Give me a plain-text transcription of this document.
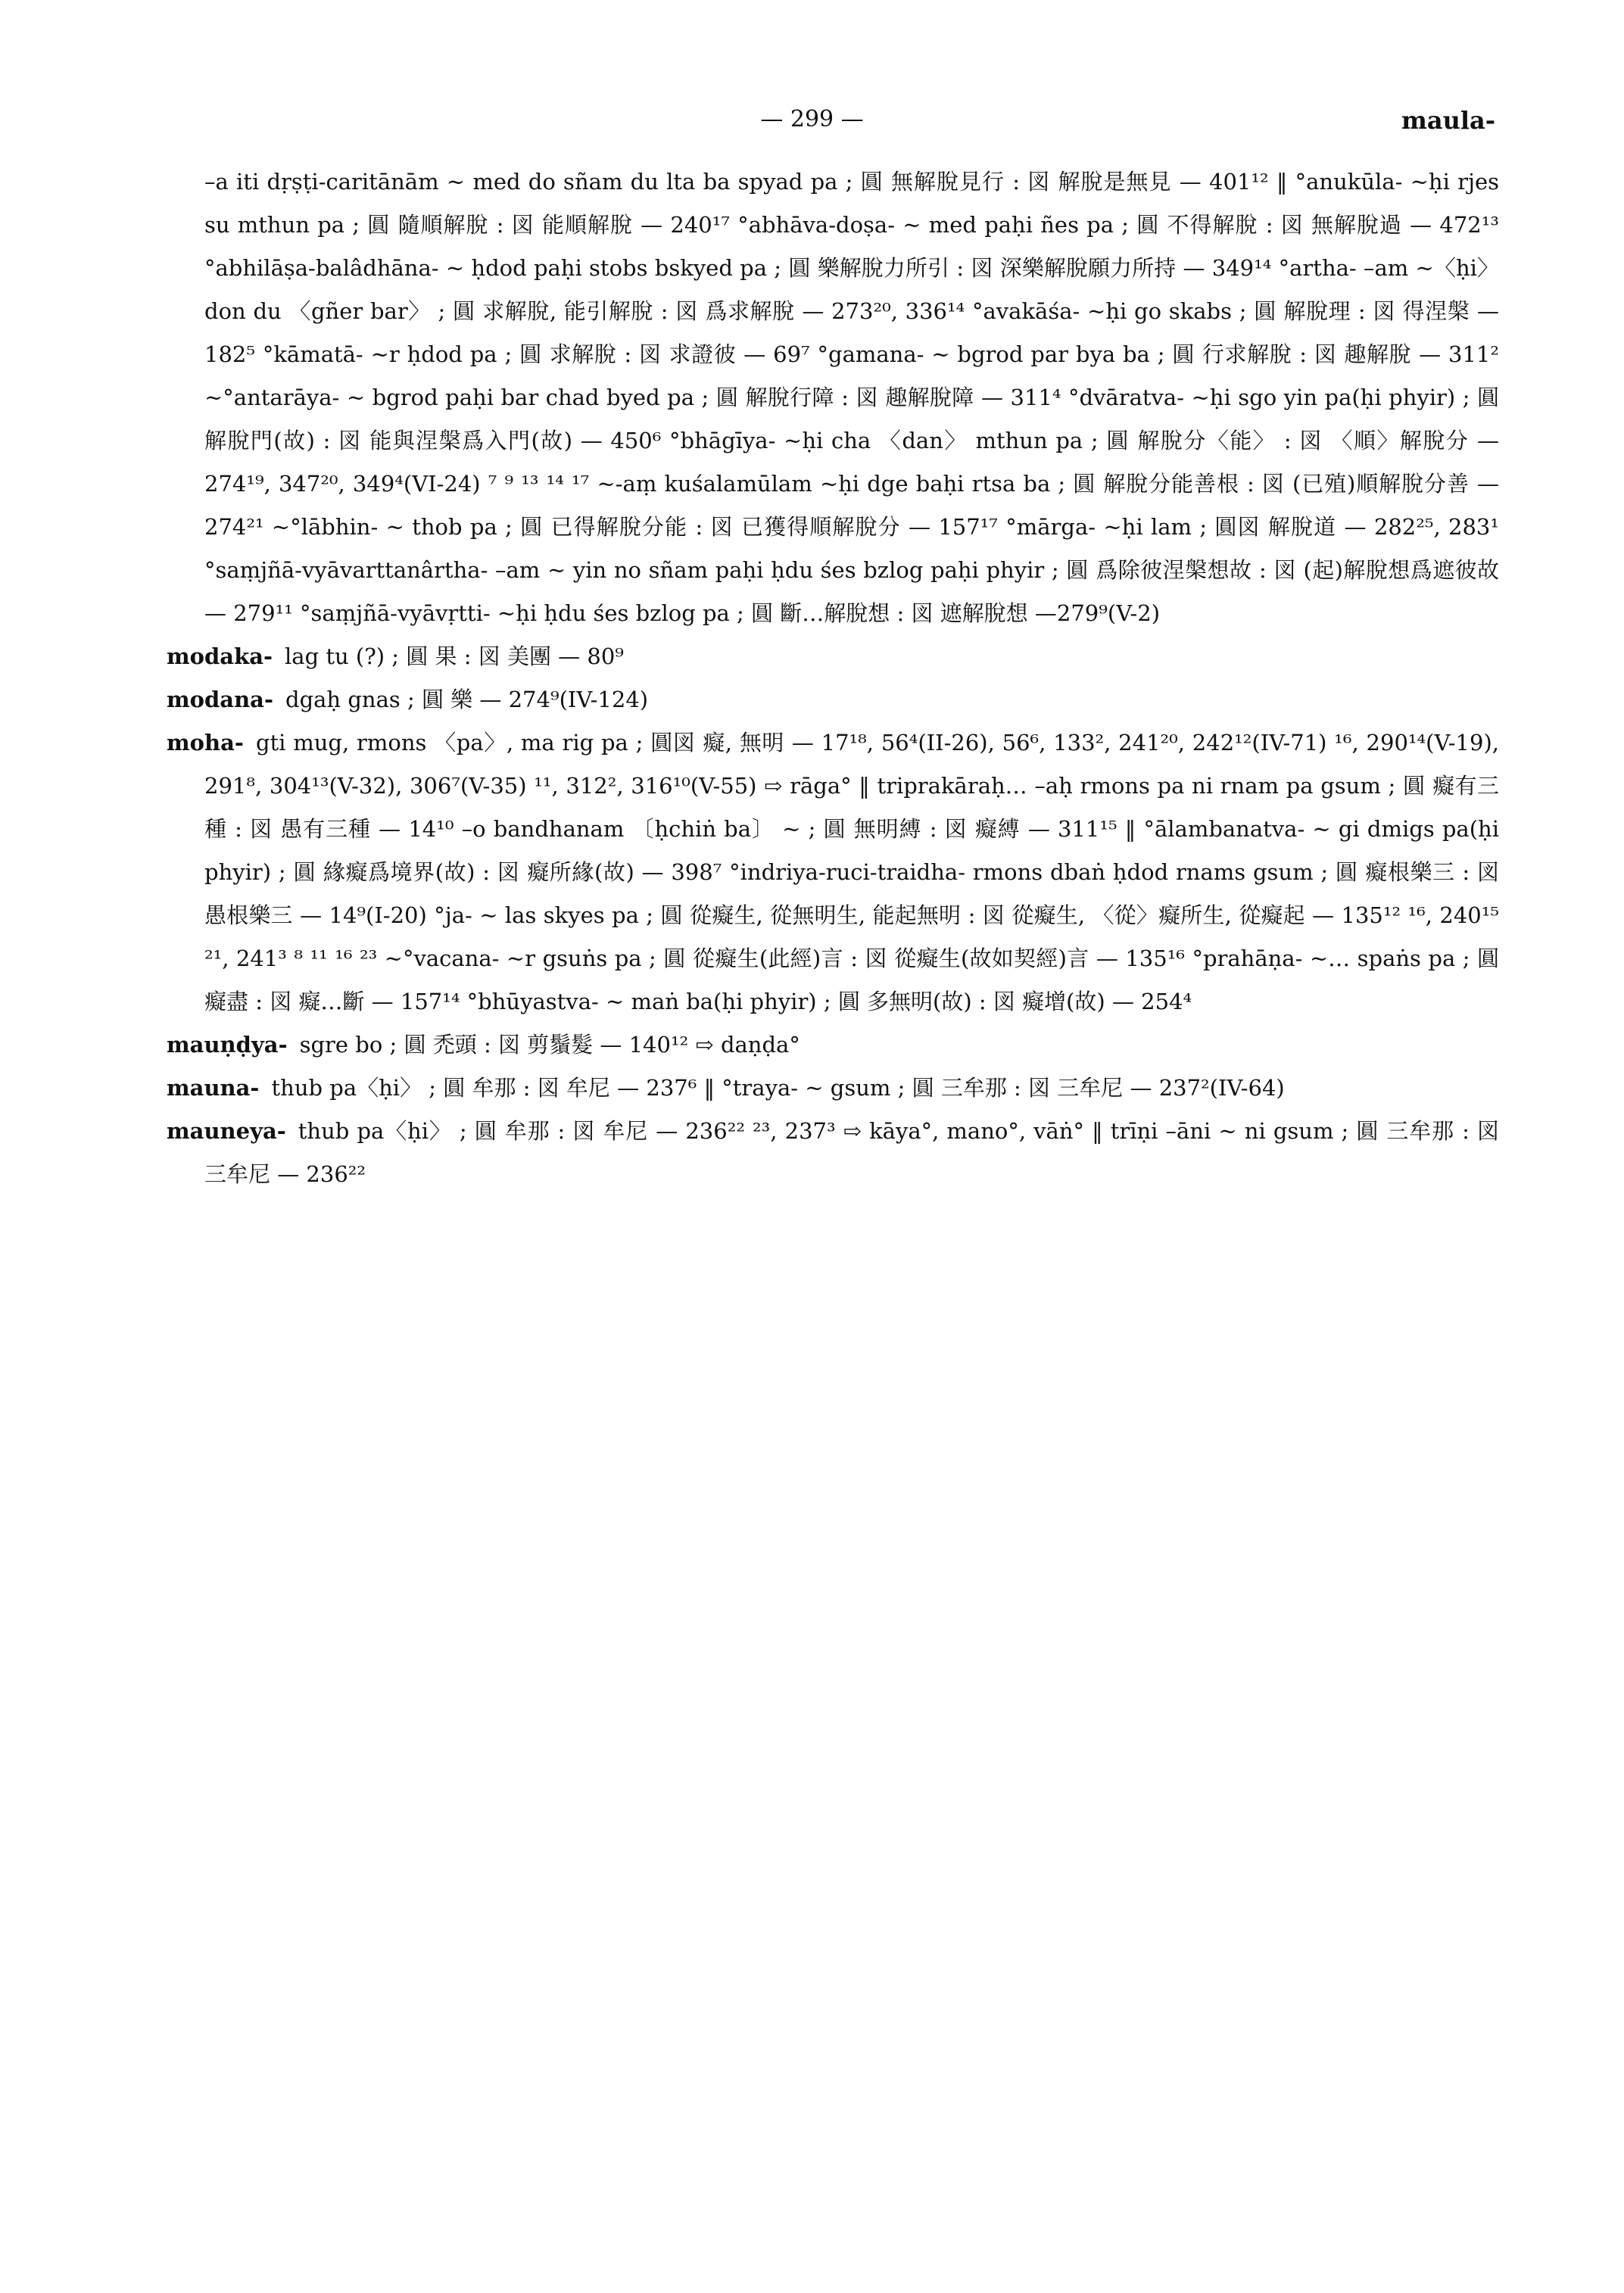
— 299 —	maula-

–a iti dṛṣṭi-caritānām ~ med do sñam du lta ba spyad pa ; 圓 無解脫見行 : 図 解脫是無見 — 401¹² ‖ °anukūla- ~ḥi rjes su mthun pa ; 圓 隨順解脫 : 図 能順解脫 — 240¹⁷ °abhāva-doṣa- ~ med paḥi ñes pa ; 圓 不得解脫 : 図 無解脫過 — 472¹³ °abhilāṣa-balâdhāna- ~ ḥdod paḥi stobs bskyed pa ; 圓 樂解脫力所引 : 図 深樂解脫願力所持 — 349¹⁴ °artha- –am ~〈ḥi〉 don du 〈gñer bar〉 ; 圓 求解脫, 能引解脫 : 図 爲求解脫 — 273²⁰, 336¹⁴ °avakāśa- ~ḥi go skabs ; 圓 解脫理 : 図 得涅槃 — 182⁵ °kāmatā- ~r ḥdod pa ; 圓 求解脫 : 図 求證彼 — 69⁷ °gamana- ~ bgrod par bya ba ; 圓 行求解脫 : 図 趣解脫 — 311² ~°antarāya- ~ bgrod paḥi bar chad byed pa ; 圓 解脫行障 : 図 趣解脫障 — 311⁴ °dvāratva- ~ḥi sgo yin pa(ḥi phyir) ; 圓 解脫門(故) : 図 能與涅槃爲入門(故) — 450⁶ °bhāgīya- ~ḥi cha 〈dan〉 mthun pa ; 圓 解脫分〈能〉 : 図 〈順〉解脫分 — 274¹⁹, 347²⁰, 349⁴(VI-24) ⁷ ⁹ ¹³ ¹⁴ ¹⁷ ~-aṃ kuśalamūlam ~ḥi dge baḥi rtsa ba ; 圓 解脫分能善根 : 図 (已殖)順解脫分善 — 274²¹ ~°lābhin- ~ thob pa ; 圓 已得解脫分能 : 図 已獲得順解脫分 — 157¹⁷ °mārga- ~ḥi lam ; 圓図 解脫道 — 282²⁵, 283¹ °saṃjñā-vyāvarttanârtha- –am ~ yin no sñam paḥi ḥdu śes bzlog paḥi phyir ; 圓 爲除彼涅槃想故 : 図 (起)解脫想爲遮彼故 — 279¹¹ °saṃjñā-vyāvṛtti- ~ḥi ḥdu śes bzlog pa ; 圓 斷…解脫想 : 図 遮解脫想 —279⁹(V-2)

modaka- lag tu (?) ; 圓 果 : 図 美團 — 80⁹

modana- dgaḥ gnas ; 圓 樂 — 274⁹(IV-124)

moha- gti mug, rmons 〈pa〉, ma rig pa ; 圓図 癡, 無明 — 17¹⁸, 56⁴(II-26), 56⁶, 133², 241²⁰, 242¹²(IV-71) ¹⁶, 290¹⁴(V-19), 291⁸, 304¹³(V-32), 306⁷(V-35) ¹¹, 312², 316¹⁰(V-55) ⇨ rāga° ‖ triprakāraḥ… –aḥ rmons pa ni rnam pa gsum ; 圓 癡有三種 : 図 愚有三種 — 14¹⁰ –o bandhanam 〔ḥchiṅ ba〕 ~ ; 圓 無明縛 : 図 癡縛 — 311¹⁵ ‖ °ālambanatva- ~ gi dmigs pa(ḥi phyir) ; 圓 緣癡爲境界(故) : 図 癡所緣(故) — 398⁷ °indriya-ruci-traidha- rmons dbaṅ ḥdod rnams gsum ; 圓 癡根樂三 : 図 愚根樂三 — 14⁹(I-20) °ja- ~ las skyes pa ; 圓 從癡生, 從無明生, 能起無明 : 図 從癡生, 〈從〉癡所生, 從癡起 — 135¹² ¹⁶, 240¹⁵ ²¹, 241³ ⁸ ¹¹ ¹⁶ ²³ ~°vacana- ~r gsuṅs pa ; 圓 從癡生(此經)言 : 図 從癡生(故如契經)言 — 135¹⁶ °prahāṇa- ~… spaṅs pa ; 圓 癡盡 : 図 癡…斷 — 157¹⁴ °bhūyastva- ~ maṅ ba(ḥi phyir) ; 圓 多無明(故) : 図 癡增(故) — 254⁴

mauṇḍya- sgre bo ; 圓 禿頭 : 図 剪鬚髮 — 140¹² ⇨ daṇḍa°

mauna- thub pa〈ḥi〉 ; 圓 牟那 : 図 牟尼 — 237⁶ ‖ °traya- ~ gsum ; 圓 三牟那 : 図 三牟尼 — 237²(IV-64)

mauneya- thub pa〈ḥi〉 ; 圓 牟那 : 図 牟尼 — 236²² ²³, 237³ ⇨ kāya°, mano°, vāṅ° ‖ trīṇi –āni ~ ni gsum ; 圓 三牟那 : 図 三牟尼 — 236²²
